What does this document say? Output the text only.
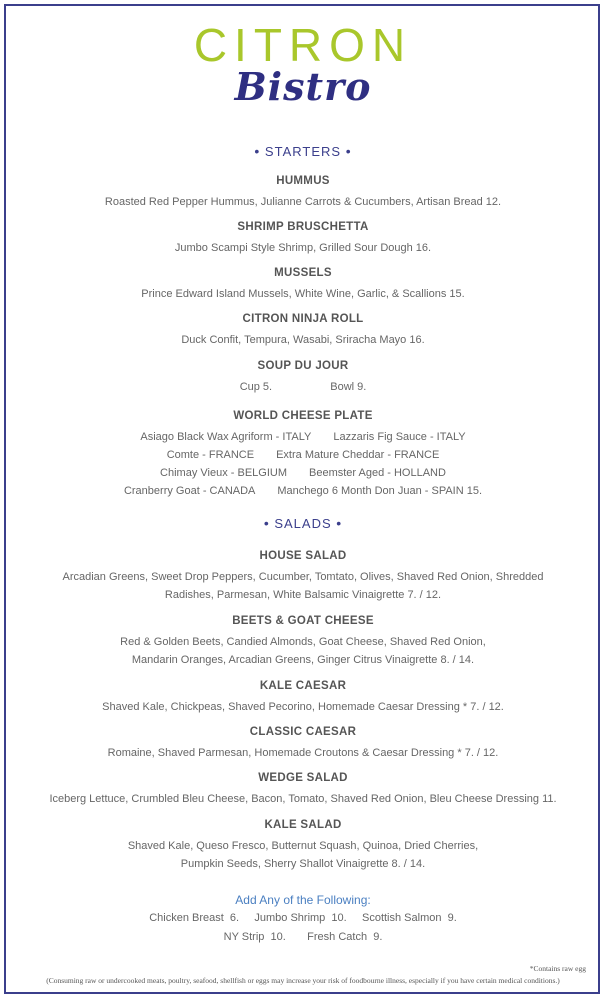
CITRON
Bistro
• STARTERS •
HUMMUS
Roasted Red Pepper Hummus, Julianne Carrots & Cucumbers, Artisan Bread 12.
SHRIMP BRUSCHETTA
Jumbo Scampi Style Shrimp, Grilled Sour Dough 16.
MUSSELS
Prince Edward Island Mussels, White Wine, Garlic, & Scallions 15.
CITRON NINJA ROLL
Duck Confit, Tempura, Wasabi, Sriracha Mayo 16.
SOUP DU JOUR
Cup 5.	Bowl 9.
WORLD CHEESE PLATE
Asiago Black Wax Agriform - ITALY Lazzaris Fig Sauce - ITALY
Comte - FRANCE Extra Mature Cheddar - FRANCE
Chimay Vieux - BELGIUM Beemster Aged - HOLLAND
Cranberry Goat - CANADA Manchego 6 Month Don Juan - SPAIN 15.
• SALADS •
HOUSE SALAD
Arcadian Greens, Sweet Drop Peppers, Cucumber, Tomtato, Olives, Shaved Red Onion, Shredded
Radishes, Parmesan, White Balsamic Vinaigrette 7. / 12.
BEETS & GOAT CHEESE
Red & Golden Beets, Candied Almonds, Goat Cheese, Shaved Red Onion,
Mandarin Oranges, Arcadian Greens, Ginger Citrus Vinaigrette 8. / 14.
KALE CAESAR
Shaved Kale, Chickpeas, Shaved Pecorino, Homemade Caesar Dressing * 7. / 12.
CLASSIC CAESAR
Romaine, Shaved Parmesan, Homemade Croutons & Caesar Dressing * 7. / 12.
WEDGE SALAD
Iceberg Lettuce, Crumbled Bleu Cheese, Bacon, Tomato, Shaved Red Onion, Bleu Cheese Dressing 11.
KALE SALAD
Shaved Kale, Queso Fresco, Butternut Squash, Quinoa, Dried Cherries,
Pumpkin Seeds, Sherry Shallot Vinaigrette 8. / 14.
Add Any of the Following:
Chicken Breast  6.     Jumbo Shrimp  10.     Scottish Salmon  9.
NY Strip  10.       Fresh Catch  9.
*Contains raw egg
(Consuming raw or undercooked meats, poultry, seafood, shellfish or eggs may increase your risk of foodbourne illness, especially if you have certain medical conditions.)
